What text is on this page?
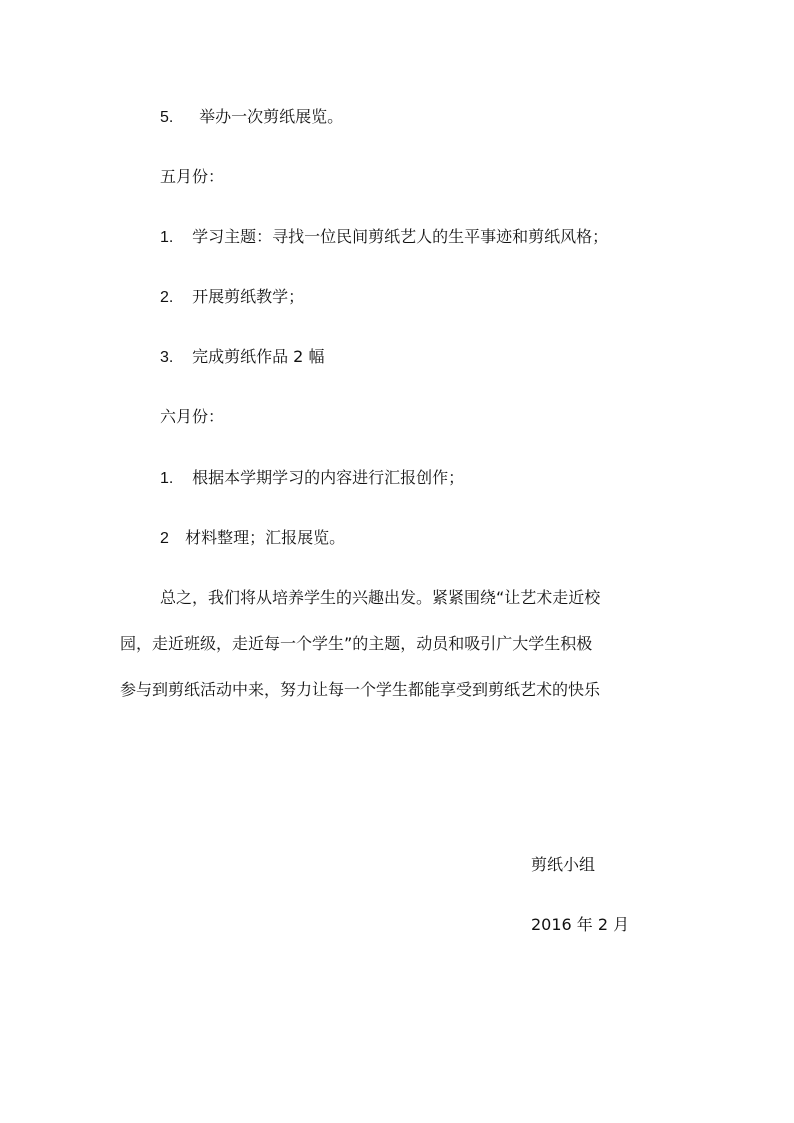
5. 举办一次剪纸展览。
五月份：
1. 学习主题：寻找一位民间剪纸艺人的生平事迹和剪纸风格；
2. 开展剪纸教学；
3. 完成剪纸作品 2 幅
六月份：
1. 根据本学期学习的内容进行汇报创作；
2 材料整理；汇报展览。
总之，我们将从培养学生的兴趣出发。紧紧围绕“让艺术走近校
园，走近班级，走近每一个学生”的主题，动员和吸引广大学生积极
参与到剪纸活动中来，努力让每一个学生都能享受到剪纸艺术的快乐
剪纸小组
2016 年 2 月
